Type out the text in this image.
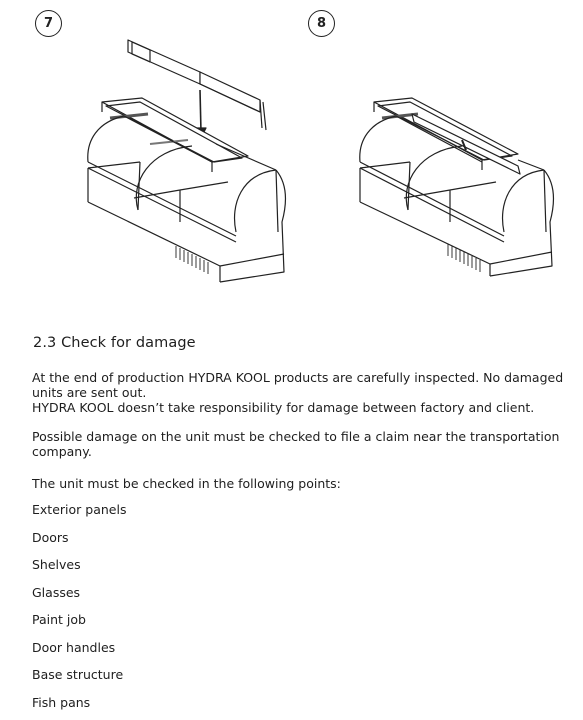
7	8
2.3 Check for damage

At the end of production HYDRA KOOL products are carefully inspected. No damaged
units are sent out.
HYDRA KOOL doesn’t take responsibility for damage between factory and client.

Possible damage on the unit must be checked to file a claim near the transportation
company.

The unit must be checked in the following points:

Exterior panels
Doors
Shelves
Glasses
Paint job
Door handles
Base structure
Fish pans
